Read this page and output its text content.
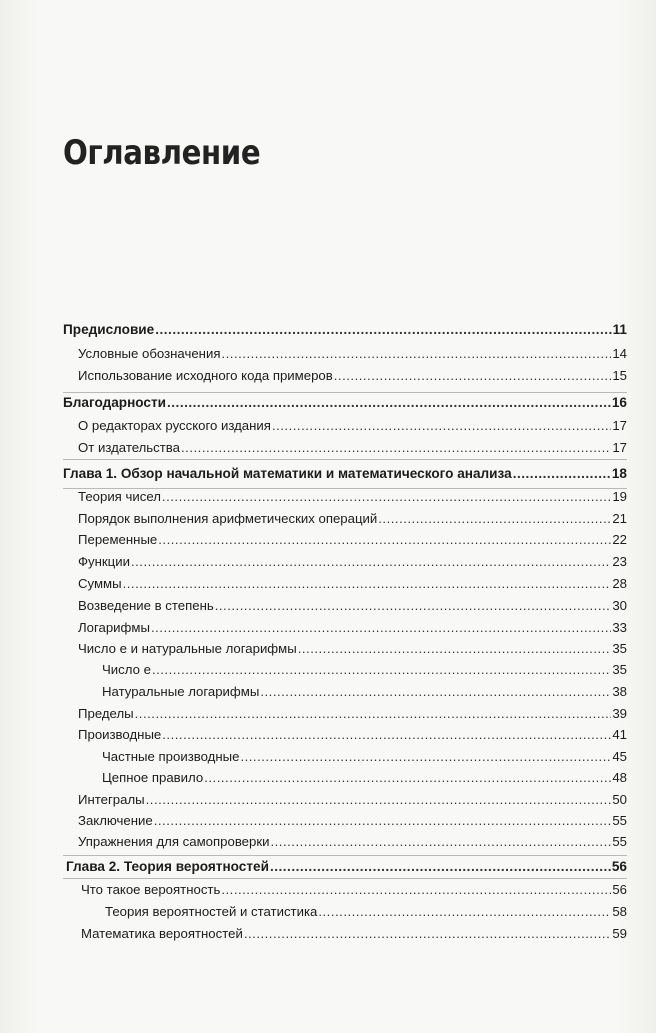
Оглавление
Предисловие .....	11
Условные обозначения .....	14
Использование исходного кода примеров .....	15
Благодарности .....	16
О редакторах русского издания .....	17
От издательства .....	17
Глава 1. Обзор начальной математики и математического анализа .....	18
Теория чисел .....	19
Порядок выполнения арифметических операций .....	21
Переменные .....	22
Функции .....	23
Суммы .....	28
Возведение в степень .....	30
Логарифмы .....	33
Число e и натуральные логарифмы .....	35
Число e .....	35
Натуральные логарифмы .....	38
Пределы .....	39
Производные .....	41
Частные производные .....	45
Цепное правило .....	48
Интегралы .....	50
Заключение .....	55
Упражнения для самопроверки .....	55
Глава 2. Теория вероятностей .....	56
Что такое вероятность .....	56
Теория вероятностей и статистика .....	58
Математика вероятностей .....	59
